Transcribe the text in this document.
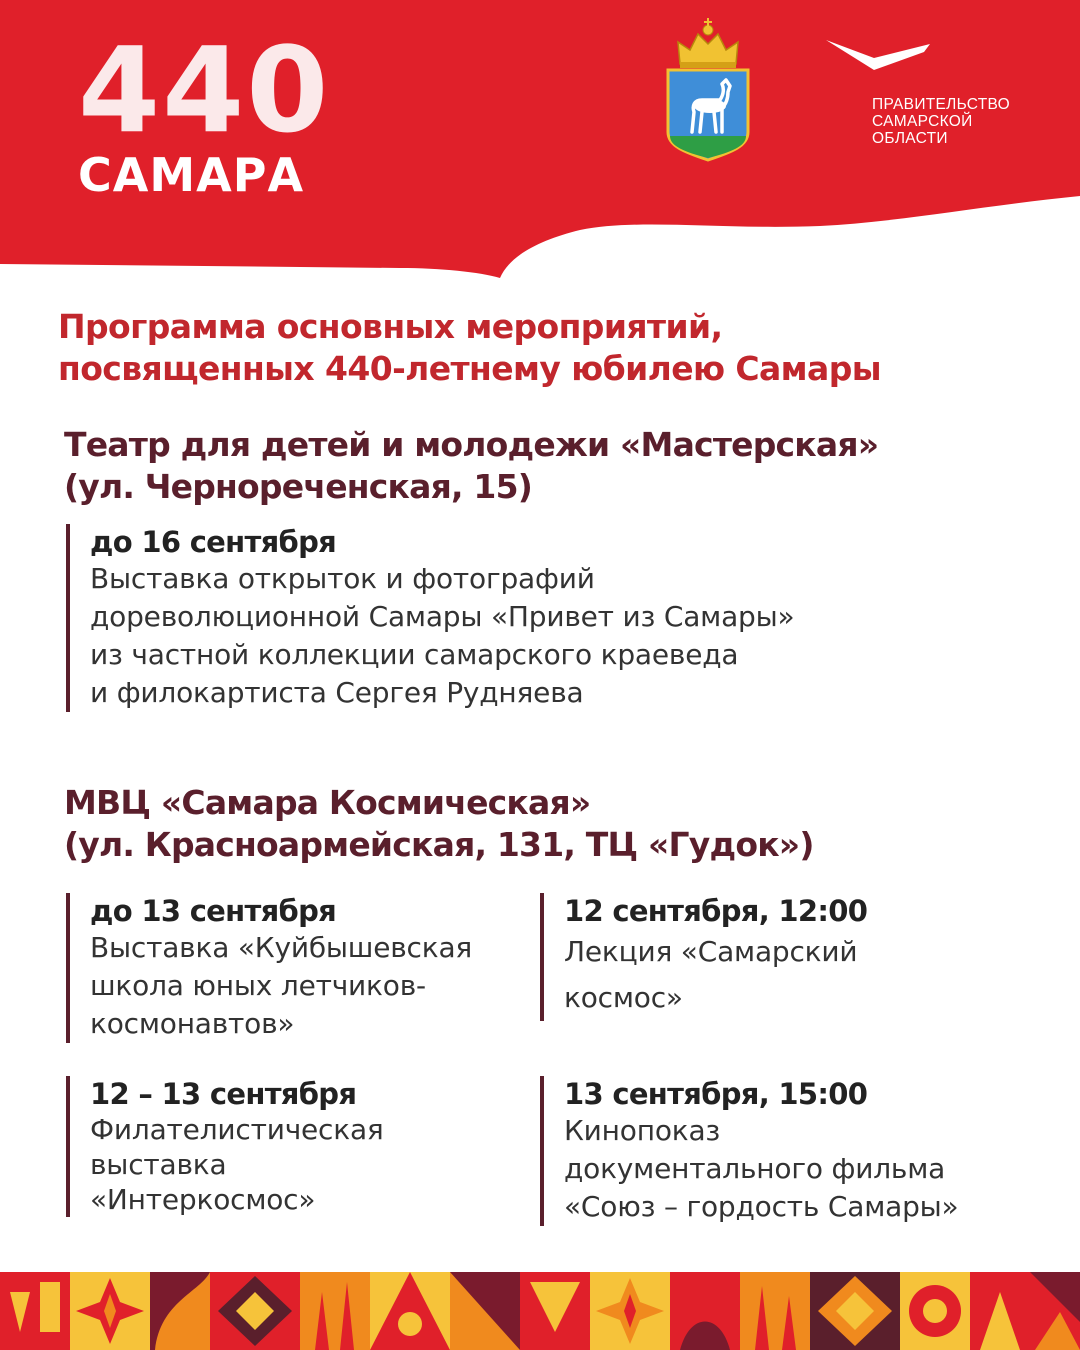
440
САМАРА
ПРАВИТЕЛЬСТВО
САМАРСКОЙ
ОБЛАСТИ
Программа основных мероприятий,
посвященных 440-летнему юбилею Самары
Театр для детей и молодежи «Мастерская»
(ул. Чернореченская, 15)
до 16 сентября
Выставка открыток и фотографий
дореволюционной Самары «Привет из Самары»
из частной коллекции самарского краеведа
и филокартиста Сергея Рудняева
МВЦ «Самара Космическая»
(ул. Красноармейская, 131, ТЦ «Гудок»)
до 13 сентября
Выставка «Куйбышевская
школа юных летчиков-
космонавтов»
12 сентября, 12:00
Лекция «Самарский
космос»
12 – 13 сентября
Филателистическая
выставка
«Интеркосмос»
13 сентября, 15:00
Кинопоказ
документального фильма
«Союз – гордость Самары»
